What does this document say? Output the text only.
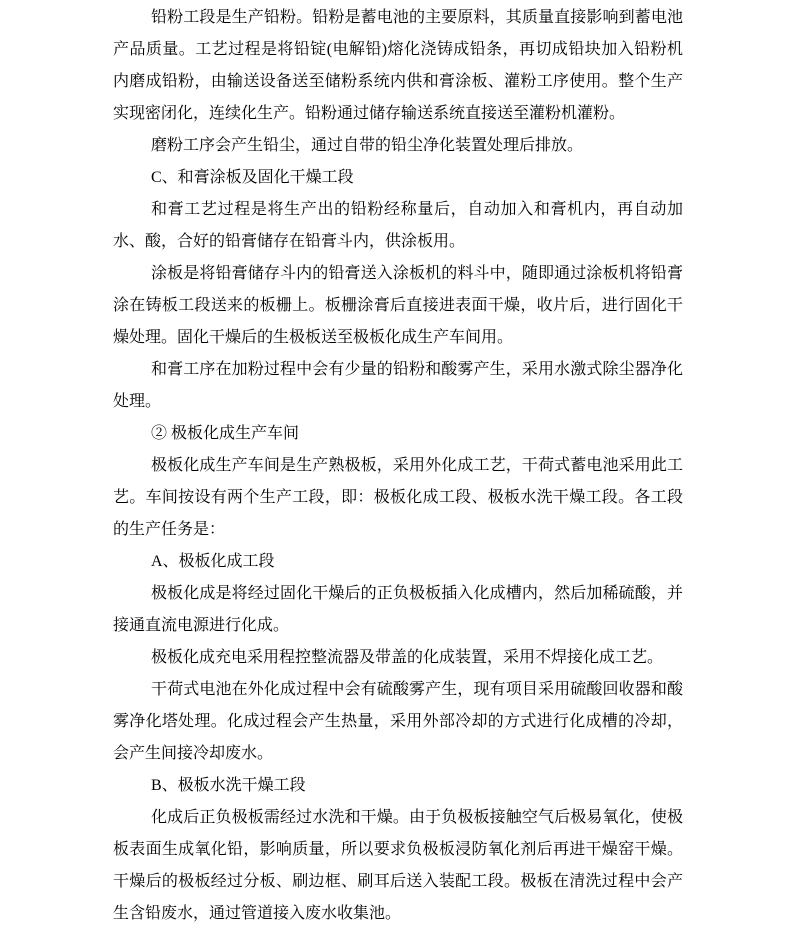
铅粉工段是生产铅粉。铅粉是蓄电池的主要原料，其质量直接影响到蓄电池产品质量。工艺过程是将铅锭(电解铅)熔化浇铸成铅条，再切成铅块加入铅粉机内磨成铅粉，由输送设备送至储粉系统内供和膏涂板、灌粉工序使用。整个生产实现密闭化，连续化生产。铅粉通过储存输送系统直接送至灌粉机灌粉。

磨粉工序会产生铅尘，通过自带的铅尘净化装置处理后排放。

C、和膏涂板及固化干燥工段

和膏工艺过程是将生产出的铅粉经称量后，自动加入和膏机内，再自动加水、酸，合好的铅膏储存在铅膏斗内，供涂板用。

涂板是将铅膏储存斗内的铅膏送入涂板机的料斗中，随即通过涂板机将铅膏涂在铸板工段送来的板栅上。板栅涂膏后直接进表面干燥，收片后，进行固化干燥处理。固化干燥后的生极板送至极板化成生产车间用。

和膏工序在加粉过程中会有少量的铅粉和酸雾产生，采用水激式除尘器净化处理。

② 极板化成生产车间

极板化成生产车间是生产熟极板，采用外化成工艺，干荷式蓄电池采用此工艺。车间按设有两个生产工段，即：极板化成工段、极板水洗干燥工段。各工段的生产任务是：

A、极板化成工段

极板化成是将经过固化干燥后的正负极板插入化成槽内，然后加稀硫酸，并接通直流电源进行化成。

极板化成充电采用程控整流器及带盖的化成装置，采用不焊接化成工艺。

干荷式电池在外化成过程中会有硫酸雾产生，现有项目采用硫酸回收器和酸雾净化塔处理。化成过程会产生热量，采用外部冷却的方式进行化成槽的冷却，会产生间接冷却废水。

B、极板水洗干燥工段

化成后正负极板需经过水洗和干燥。由于负极板接触空气后极易氧化，使极板表面生成氧化铅，影响质量，所以要求负极板浸防氧化剂后再进干燥窑干燥。干燥后的极板经过分板、刷边框、刷耳后送入装配工段。极板在清洗过程中会产生含铅废水，通过管道接入废水收集池。
